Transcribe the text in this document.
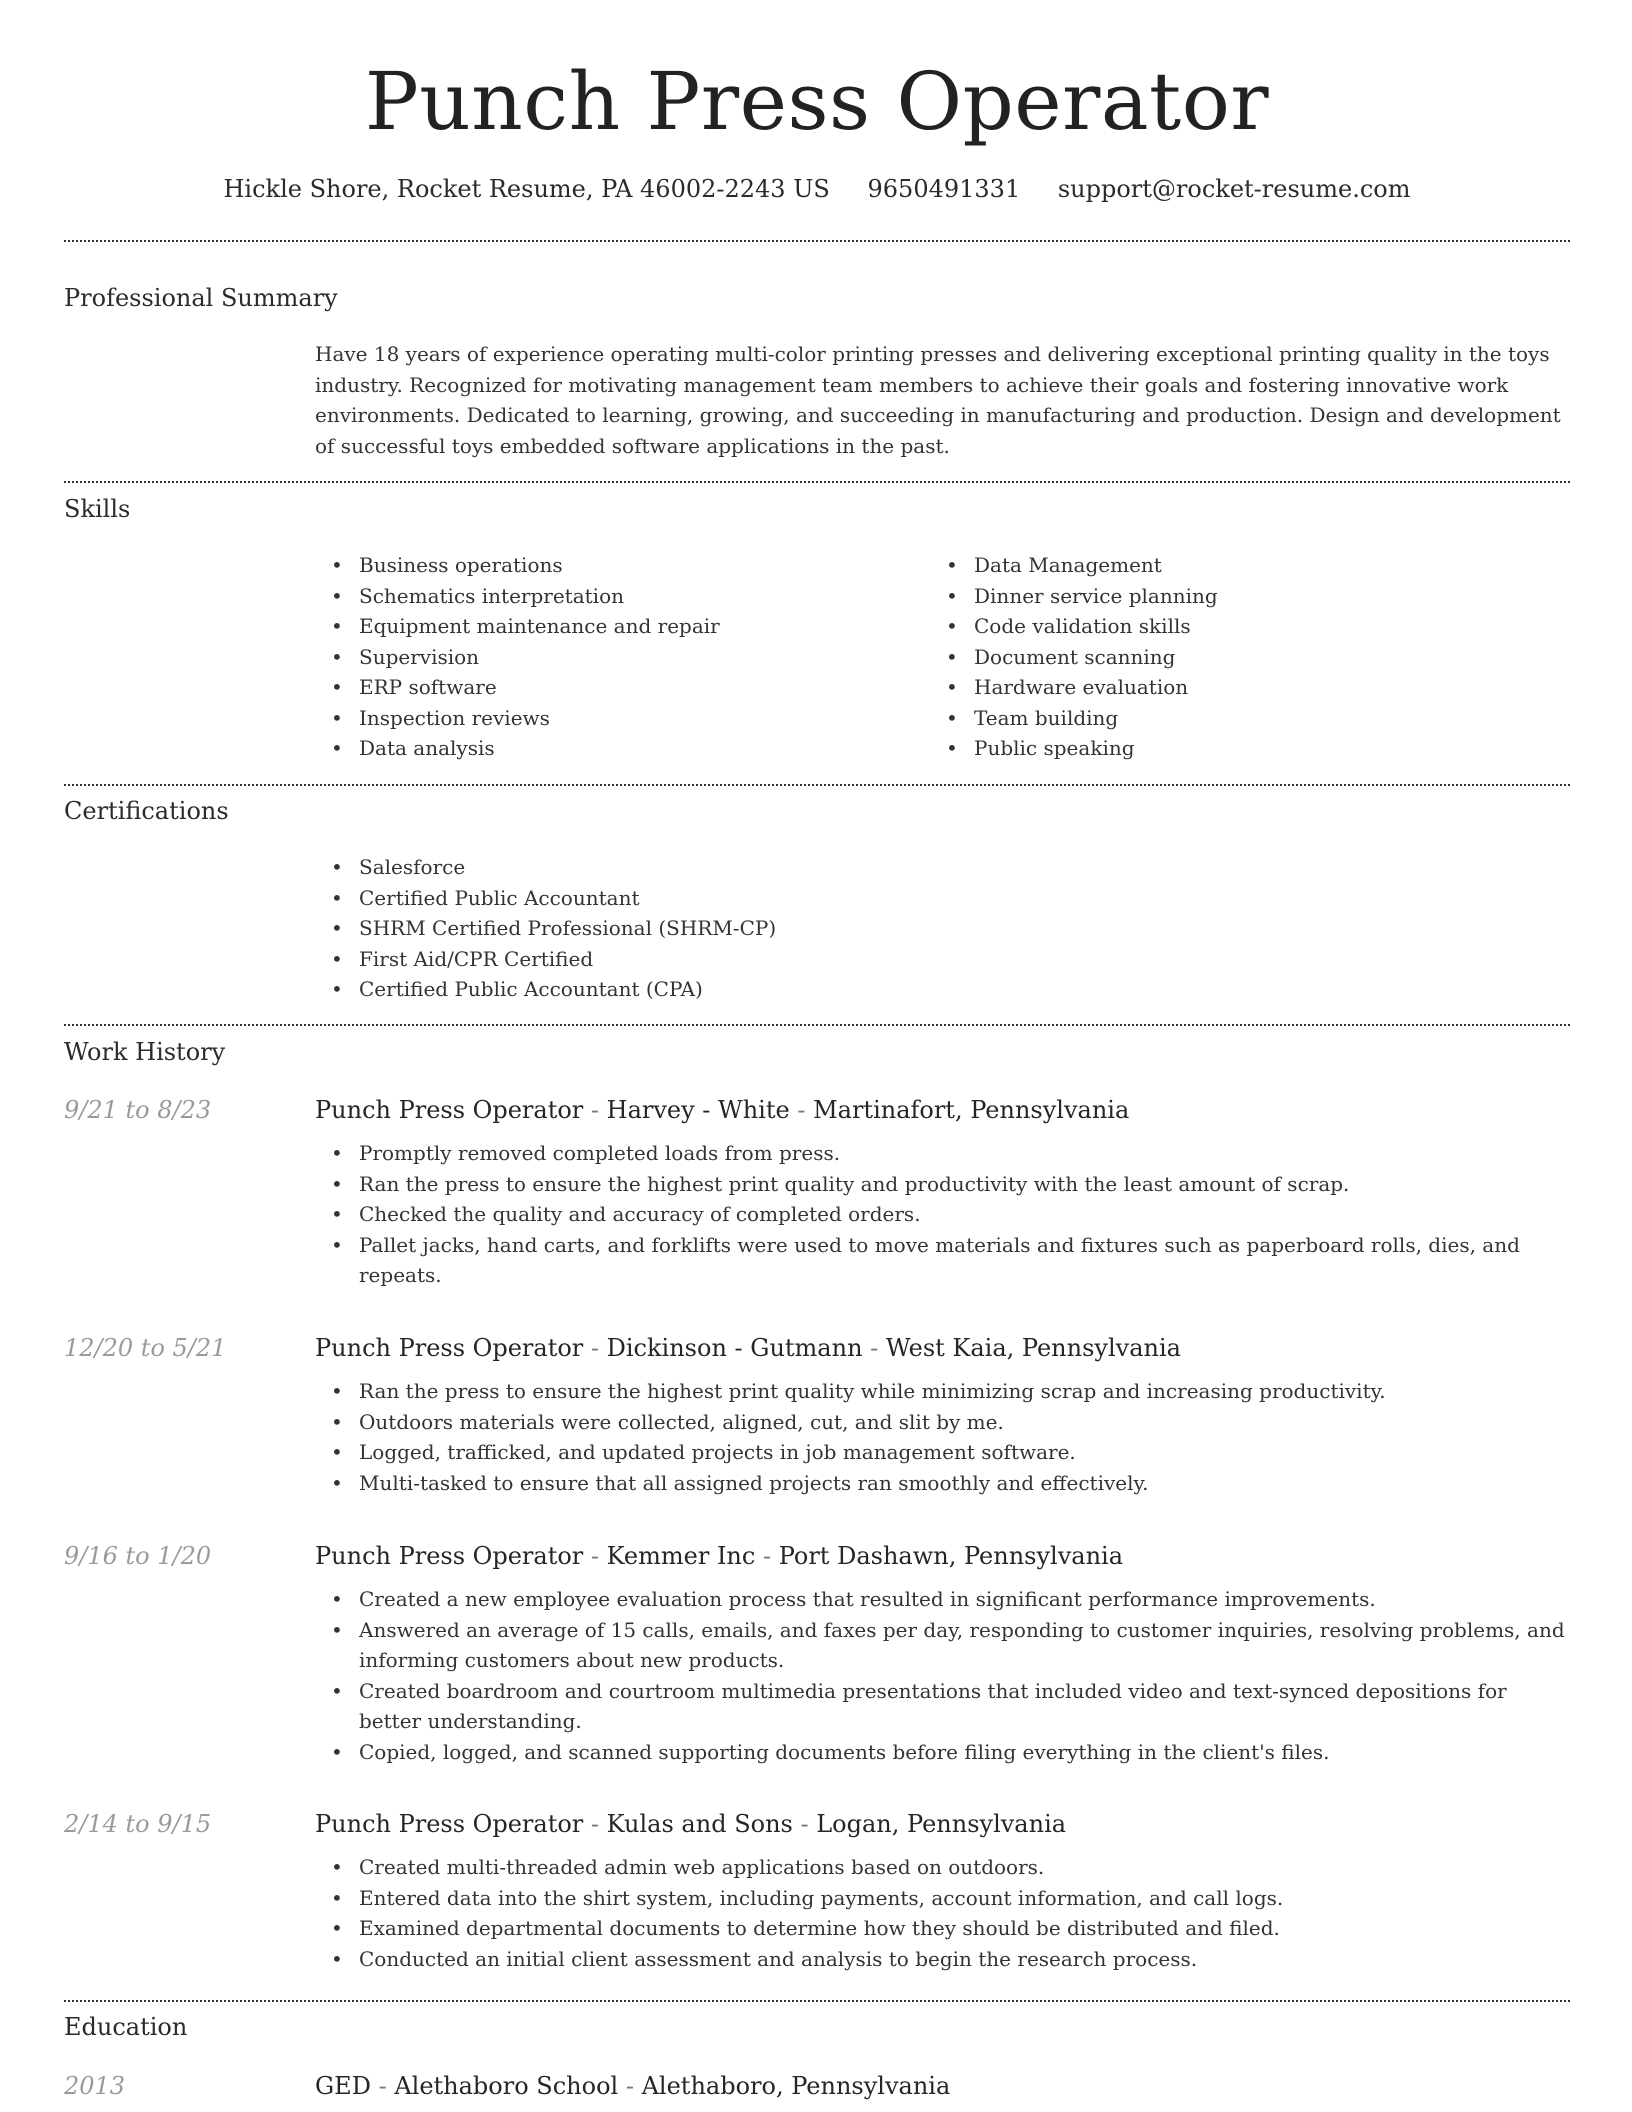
Punch Press Operator
Hickle Shore, Rocket Resume, PA 46002-2243 US 9650491331 support@rocket-resume.com
Professional Summary
Have 18 years of experience operating multi-color printing presses and delivering exceptional printing quality in the toys industry. Recognized for motivating management team members to achieve their goals and fostering innovative work environments. Dedicated to learning, growing, and succeeding in manufacturing and production. Design and development of successful toys embedded software applications in the past.
Skills
• Business operations
• Schematics interpretation
• Equipment maintenance and repair
• Supervision
• ERP software
• Inspection reviews
• Data analysis
• Data Management
• Dinner service planning
• Code validation skills
• Document scanning
• Hardware evaluation
• Team building
• Public speaking
Certifications
• Salesforce
• Certified Public Accountant
• SHRM Certified Professional (SHRM-CP)
• First Aid/CPR Certified
• Certified Public Accountant (CPA)
Work History
9/21 to 8/23	Punch Press Operator - Harvey - White - Martinafort, Pennsylvania
• Promptly removed completed loads from press.
• Ran the press to ensure the highest print quality and productivity with the least amount of scrap.
• Checked the quality and accuracy of completed orders.
• Pallet jacks, hand carts, and forklifts were used to move materials and fixtures such as paperboard rolls, dies, and repeats.
12/20 to 5/21	Punch Press Operator - Dickinson - Gutmann - West Kaia, Pennsylvania
• Ran the press to ensure the highest print quality while minimizing scrap and increasing productivity.
• Outdoors materials were collected, aligned, cut, and slit by me.
• Logged, trafficked, and updated projects in job management software.
• Multi-tasked to ensure that all assigned projects ran smoothly and effectively.
9/16 to 1/20	Punch Press Operator - Kemmer Inc - Port Dashawn, Pennsylvania
• Created a new employee evaluation process that resulted in significant performance improvements.
• Answered an average of 15 calls, emails, and faxes per day, responding to customer inquiries, resolving problems, and informing customers about new products.
• Created boardroom and courtroom multimedia presentations that included video and text-synced depositions for better understanding.
• Copied, logged, and scanned supporting documents before filing everything in the client's files.
2/14 to 9/15	Punch Press Operator - Kulas and Sons - Logan, Pennsylvania
• Created multi-threaded admin web applications based on outdoors.
• Entered data into the shirt system, including payments, account information, and call logs.
• Examined departmental documents to determine how they should be distributed and filed.
• Conducted an initial client assessment and analysis to begin the research process.
Education
2013	GED - Alethaboro School - Alethaboro, Pennsylvania
